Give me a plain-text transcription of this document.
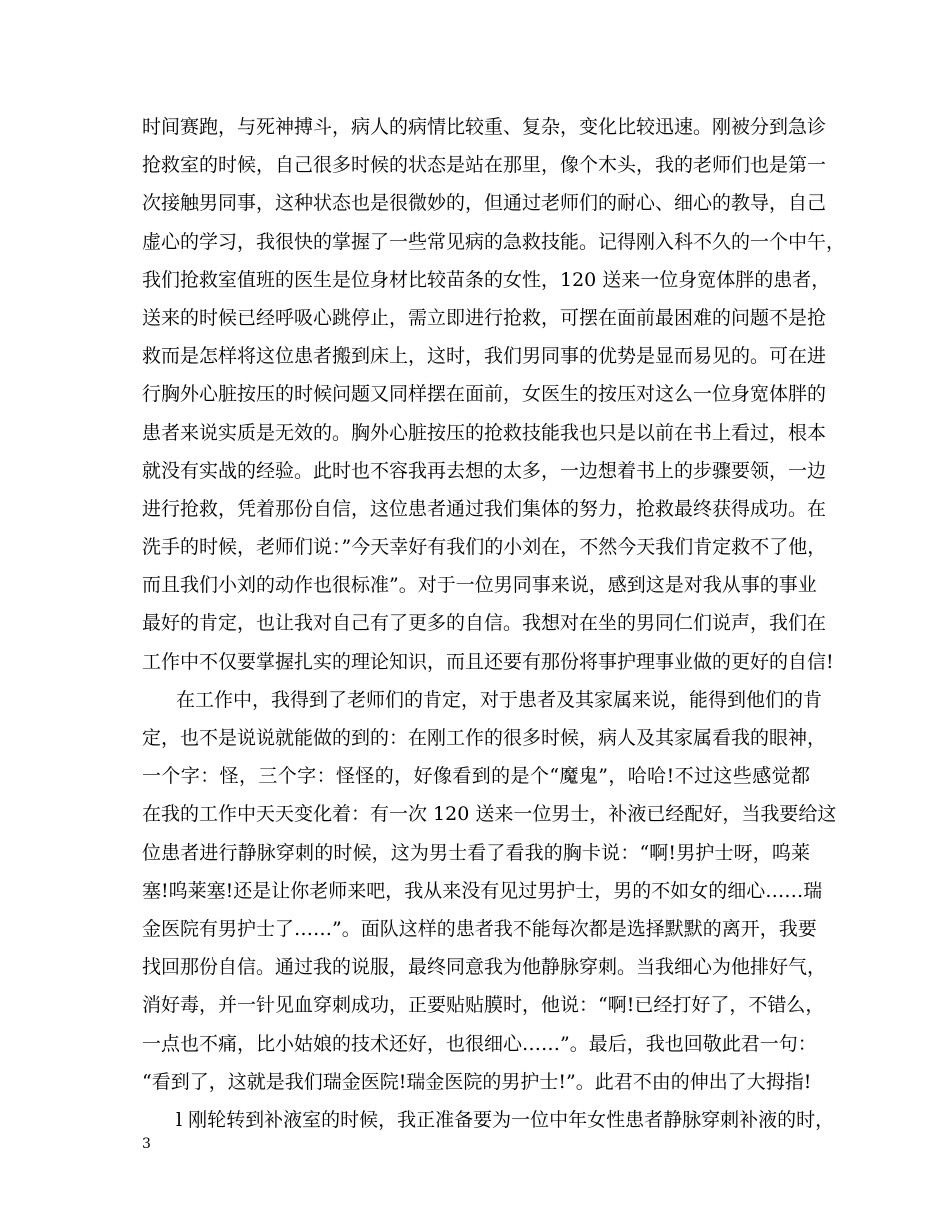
时间赛跑，与死神搏斗，病人的病情比较重、复杂，变化比较迅速。刚被分到急诊
抢救室的时候，自己很多时候的状态是站在那里，像个木头，我的老师们也是第一
次接触男同事，这种状态也是很微妙的，但通过老师们的耐心、细心的教导，自己
虚心的学习，我很快的掌握了一些常见病的急救技能。记得刚入科不久的一个中午，
我们抢救室值班的医生是位身材比较苗条的女性，120 送来一位身宽体胖的患者，
送来的时候已经呼吸心跳停止，需立即进行抢救，可摆在面前最困难的问题不是抢
救而是怎样将这位患者搬到床上，这时，我们男同事的优势是显而易见的。可在进
行胸外心脏按压的时候问题又同样摆在面前，女医生的按压对这么一位身宽体胖的
患者来说实质是无效的。胸外心脏按压的抢救技能我也只是以前在书上看过，根本
就没有实战的经验。此时也不容我再去想的太多，一边想着书上的步骤要领，一边
进行抢救，凭着那份自信，这位患者通过我们集体的努力，抢救最终获得成功。在
洗手的时候，老师们说：”今天幸好有我们的小刘在，不然今天我们肯定救不了他，
而且我们小刘的动作也很标准”。对于一位男同事来说，感到这是对我从事的事业
最好的肯定，也让我对自己有了更多的自信。我想对在坐的男同仁们说声，我们在
工作中不仅要掌握扎实的理论知识，而且还要有那份将事护理事业做的更好的自信!
在工作中，我得到了老师们的肯定，对于患者及其家属来说，能得到他们的肯
定，也不是说说就能做的到的：在刚工作的很多时候，病人及其家属看我的眼神，
一个字：怪，三个字：怪怪的，好像看到的是个“魔鬼”，哈哈!不过这些感觉都
在我的工作中天天变化着：有一次 120 送来一位男士，补液已经配好，当我要给这
位患者进行静脉穿刺的时候，这为男士看了看我的胸卡说：“啊!男护士呀，呜莱
塞!呜莱塞!还是让你老师来吧，我从来没有见过男护士，男的不如女的细心……瑞
金医院有男护士了……”。面队这样的患者我不能每次都是选择默默的离开，我要
找回那份自信。通过我的说服，最终同意我为他静脉穿刺。当我细心为他排好气，
消好毒，并一针见血穿刺成功，正要贴贴膜时，他说：“啊!已经打好了，不错么，
一点也不痛，比小姑娘的技术还好，也很细心……”。最后，我也回敬此君一句：
“看到了，这就是我们瑞金医院!瑞金医院的男护士!”。此君不由的伸出了大拇指!
l 刚轮转到补液室的时候，我正准备要为一位中年女性患者静脉穿刺补液的时，
3
